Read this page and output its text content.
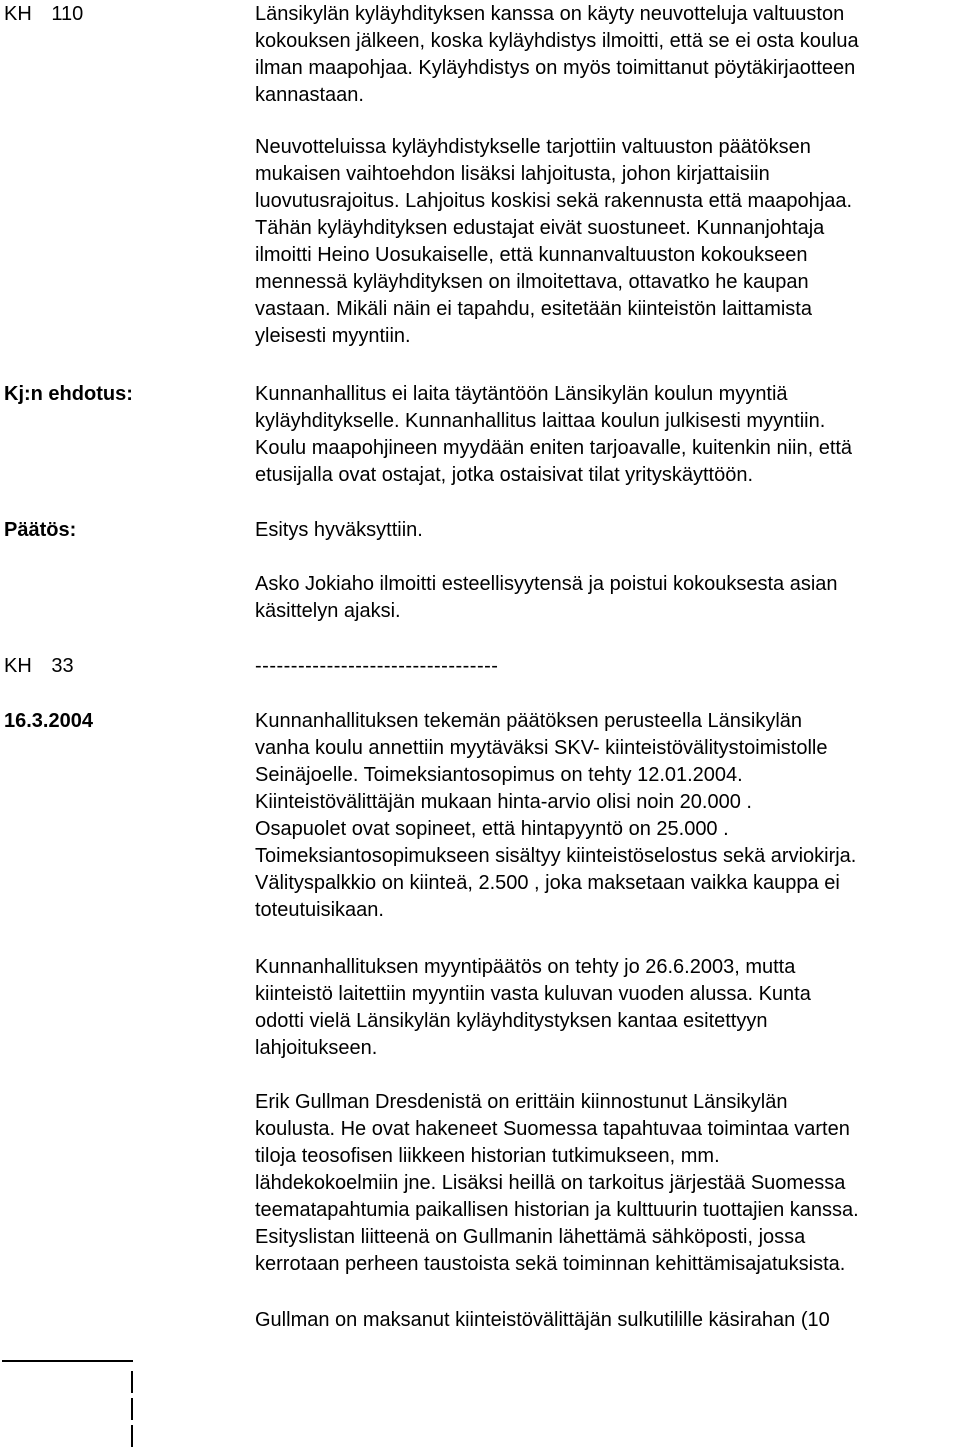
KH 110	Länsikylän kyläyhdityksen kanssa on käyty neuvotteluja valtuuston
kokouksen jälkeen, koska kyläyhdistys ilmoitti, että se ei osta koulua
ilman maapohjaa. Kyläyhdistys on myös toimittanut pöytäkirjaotteen
kannastaan.
Neuvotteluissa kyläyhdistykselle tarjottiin valtuuston päätöksen
mukaisen vaihtoehdon lisäksi lahjoitusta, johon kirjattaisiin
luovutusrajoitus. Lahjoitus koskisi sekä rakennusta että maapohjaa.
Tähän kyläyhdityksen edustajat eivät suostuneet. Kunnanjohtaja
ilmoitti Heino Uosukaiselle, että kunnanvaltuuston kokoukseen
mennessä kyläyhdityksen on ilmoitettava, ottavatko he kaupan
vastaan. Mikäli näin ei tapahdu, esitetään kiinteistön laittamista
yleisesti myyntiin.
Kj:n ehdotus:	Kunnanhallitus ei laita täytäntöön Länsikylän koulun myyntiä
kyläyhditykselle. Kunnanhallitus laittaa koulun julkisesti myyntiin.
Koulu maapohjineen myydään eniten tarjoavalle, kuitenkin niin, että
etusijalla ovat ostajat, jotka ostaisivat tilat yrityskäyttöön.
Päätös:	Esitys hyväksyttiin.
Asko Jokiaho ilmoitti esteellisyytensä ja poistui kokouksesta asian
käsittelyn ajaksi.
KH 33	----------------------------------
16.3.2004	Kunnanhallituksen tekemän päätöksen perusteella Länsikylän
vanha koulu annettiin myytäväksi SKV- kiinteistövälitystoimistolle
Seinäjoelle. Toimeksiantosopimus on tehty 12.01.2004.
Kiinteistövälittäjän mukaan hinta-arvio olisi noin 20.000 .
Osapuolet ovat sopineet, että hintapyyntö on 25.000 .
Toimeksiantosopimukseen sisältyy kiinteistöselostus sekä arviokirja.
Välityspalkkio on kiinteä, 2.500 , joka maksetaan vaikka kauppa ei
toteutuisikaan.
Kunnanhallituksen myyntipäätös on tehty jo 26.6.2003, mutta
kiinteistö laitettiin myyntiin vasta kuluvan vuoden alussa. Kunta
odotti vielä Länsikylän kyläyhditystyksen kantaa esitettyyn
lahjoitukseen.
Erik Gullman Dresdenistä on erittäin kiinnostunut Länsikylän
koulusta. He ovat hakeneet Suomessa tapahtuvaa toimintaa varten
tiloja teosofisen liikkeen historian tutkimukseen, mm.
lähdekokoelmiin jne. Lisäksi heillä on tarkoitus järjestää Suomessa
teematapahtumia paikallisen historian ja kulttuurin tuottajien kanssa.
Esityslistan liitteenä on Gullmanin lähettämä sähköposti, jossa
kerrotaan perheen taustoista sekä toiminnan kehittämisajatuksista.
Gullman on maksanut kiinteistövälittäjän sulkutilille käsirahan (10
